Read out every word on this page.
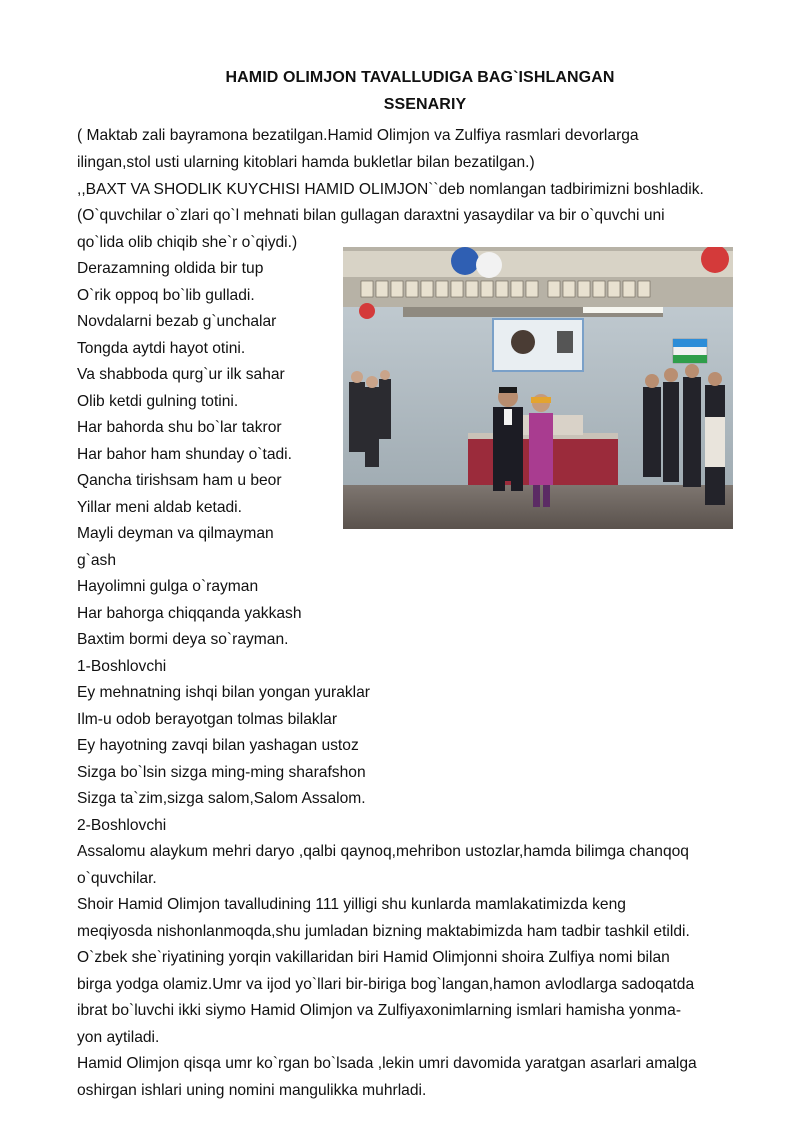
HAMID OLIMJON TAVALLUDIGA BAG`ISHLANGAN
SSENARIY
( Maktab zali bayramona bezatilgan.Hamid Olimjon va Zulfiya rasmlari devorlarga
ilingan,stol usti ularning kitoblari hamda bukletlar bilan bezatilgan.)
,,BAXT VA SHODLIK KUYCHISI HAMID OLIMJON``deb nomlangan tadbirimizni boshladik.
(O`quvchilar o`zlari qo`l mehnati bilan gullagan daraxtni yasaydilar va bir o`quvchi uni
qo`lida olib chiqib she`r o`qiydi.)
Derazamning oldida bir tup
O`rik oppoq bo`lib gulladi.
Novdalarni bezab g`unchalar
Tongda aytdi hayot otini.
Va shabboda qurg`ur ilk sahar
Olib ketdi gulning totini.
Har bahorda shu bo`lar takror
Har bahor ham shunday o`tadi.
Qancha tirishsam ham u beor
Yillar meni aldab ketadi.
Mayli deyman va qilmayman
g`ash
Hayolimni gulga o`rayman
Har bahorga chiqqanda yakkash
Baxtim bormi deya so`rayman.
1-Boshlovchi
Ey mehnatning ishqi bilan yongan yuraklar
Ilm-u odob berayotgan tolmas bilaklar
Ey hayotning zavqi bilan yashagan ustoz
Sizga bo`lsin sizga ming-ming sharafshon
Sizga ta`zim,sizga salom,Salom Assalom.
2-Boshlovchi
Assalomu alaykum mehri daryo ,qalbi qaynoq,mehribon ustozlar,hamda bilimga chanqoq
o`quvchilar.
Shoir Hamid Olimjon tavalludining 111 yilligi shu kunlarda mamlakatimizda keng
meqiyosda nishonlanmoqda,shu jumladan bizning maktabimizda ham tadbir tashkil etildi.
O`zbek she`riyatining yorqin vakillaridan biri Hamid Olimjonni shoira Zulfiya nomi bilan
birga yodga olamiz.Umr va ijod yo`llari bir-biriga bog`langan,hamon avlodlarga sadoqatda
ibrat bo`luvchi ikki siymo Hamid Olimjon va Zulfiyaxonimlarning ismlari hamisha yonma-
yon aytiladi.
Hamid Olimjon qisqa umr ko`rgan bo`lsada ,lekin umri davomida yaratgan asarlari amalga
oshirgan ishlari uning nomini mangulikka muhrladi.
